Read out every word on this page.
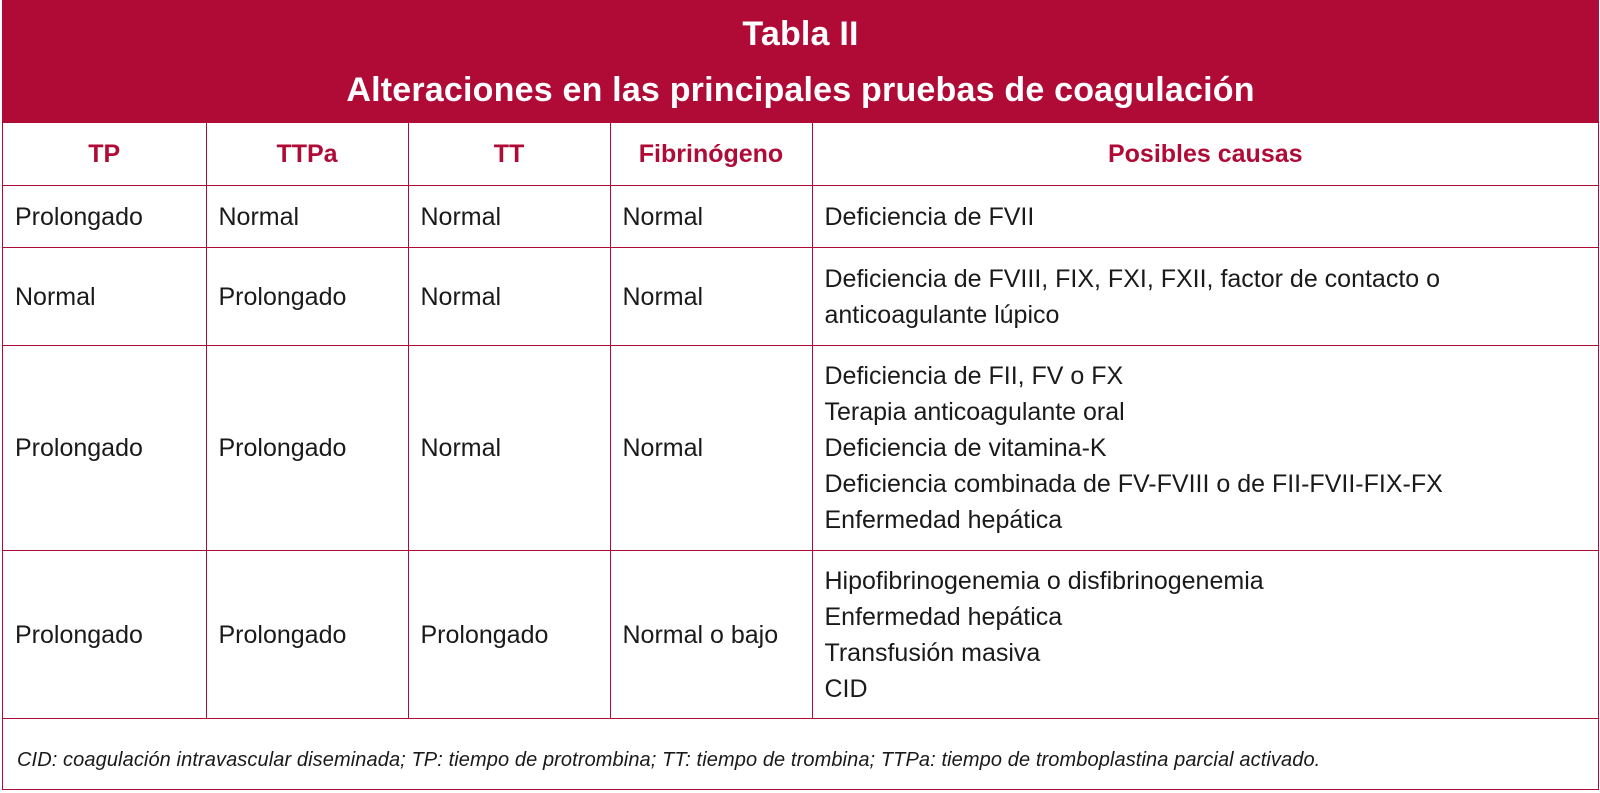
Tabla II
Alteraciones en las principales pruebas de coagulación
TP	TTPa	TT	Fibrinógeno	Posibles causas
Prolongado	Normal	Normal	Normal	Deficiencia de FVII

Normal	Prolongado	Normal	Normal	Deficiencia de FVIII, FIX, FXI, FXII, factor de contacto o
anticoagulante lúpico

Prolongado	Prolongado	Normal	Normal	Deficiencia de FII, FV o FX
Terapia anticoagulante oral
Deficiencia de vitamina-K
Deficiencia combinada de FV-FVIII o de FII-FVII-FIX-FX
Enfermedad hepática

Prolongado	Prolongado	Prolongado	Normal o bajo	Hipofibrinogenemia o disfibrinogenemia
Enfermedad hepática
Transfusión masiva
CID
CID: coagulación intravascular diseminada; TP: tiempo de protrombina; TT: tiempo de trombina; TTPa: tiempo de tromboplastina parcial activado.
